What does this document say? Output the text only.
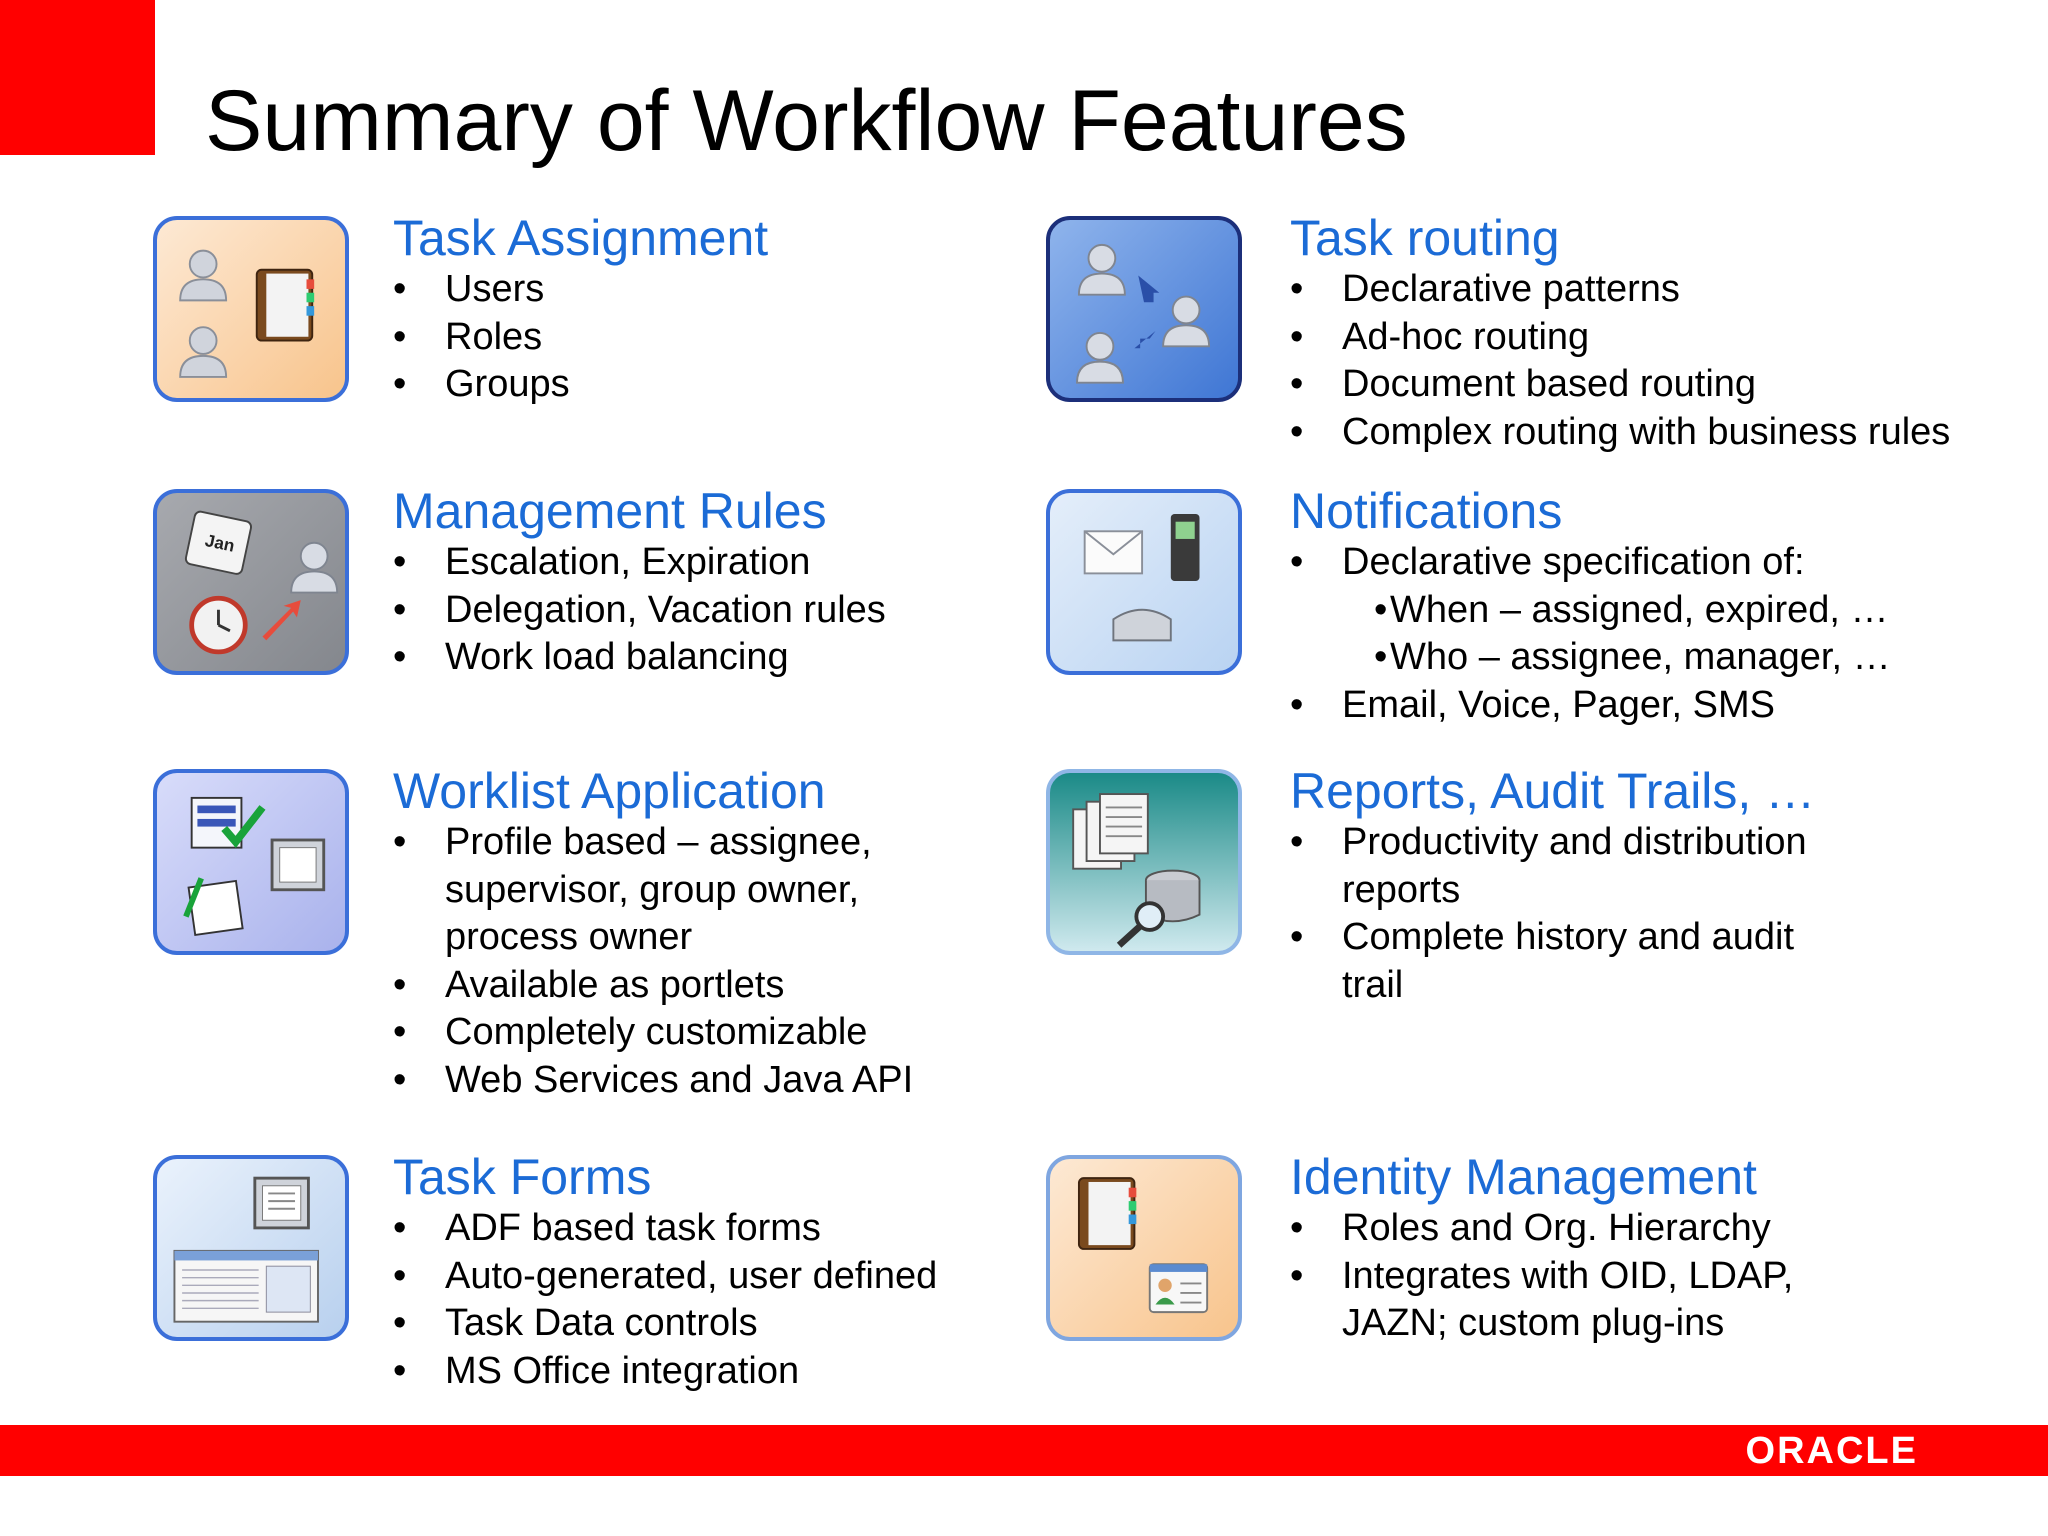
Summary of Workflow Features
Task Assignment
• Users
• Roles
• Groups
Task routing
• Declarative patterns
• Ad-hoc routing
• Document based routing
• Complex routing with business rules
Jan
Management Rules
• Escalation, Expiration
• Delegation, Vacation rules
• Work load balancing
Notifications
• Declarative specification of:
• When – assigned, expired, …
• Who – assignee, manager, …
• Email, Voice, Pager, SMS
Worklist Application
• Profile based – assignee,
supervisor, group owner,
process owner
• Available as portlets
• Completely customizable
• Web Services and Java API
Reports, Audit Trails, …
• Productivity and distribution
reports
• Complete history and audit
trail
Task Forms
• ADF based task forms
• Auto-generated, user defined
• Task Data controls
• MS Office integration
Identity Management
• Roles and Org. Hierarchy
• Integrates with OID, LDAP,
JAZN; custom plug-ins
ORACLE
